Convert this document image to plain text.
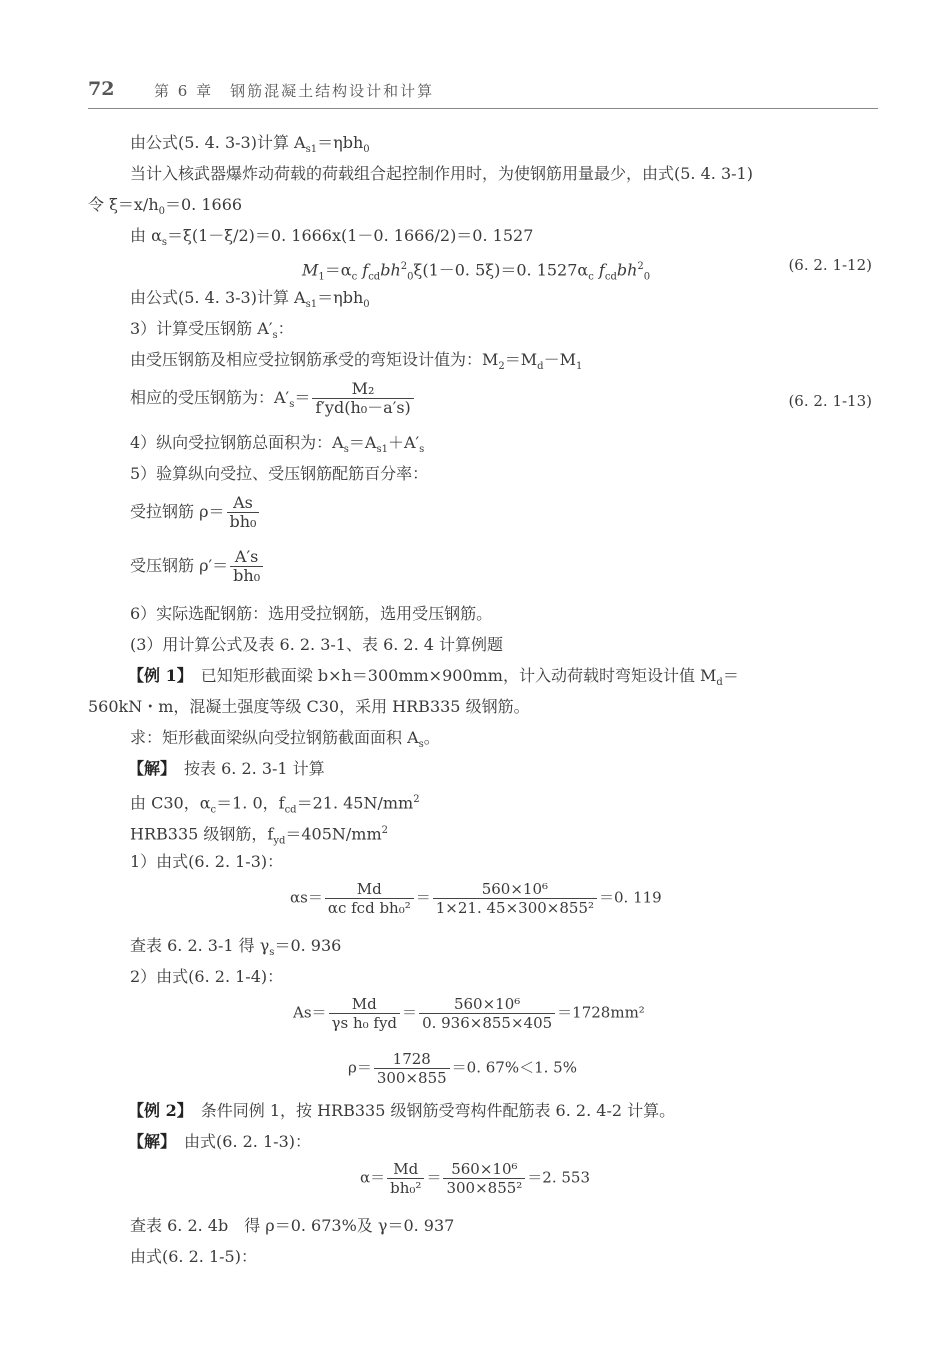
72	第 6 章　钢筋混凝土结构设计和计算
由公式(5. 4. 3-3)计算 $A_{s1}=\eta bh_0$
当计入核武器爆炸动荷载的荷载组合起控制作用时，为使钢筋用量最少，由式(5. 4. 3-1)
令 $\xi=x/h_0=0$. 1666
由 $\alpha_s=\xi(1-\xi/2)=0$. 1666x(1－0. 1666/2)＝0. 1527
$M_1=\alpha_c$ $f_{cd}bh^2_0\xi(1-0$. 5ξ)＝0. $1527\alpha_c$ $f_{cd}bh^2_0$
(6. 2. 1-12)
由公式(5. 4. 3-3)计算 $A_{s1}=\eta bh_0$
3）计算受压钢筋 $A'_s$：
由受压钢筋及相应受拉钢筋承受的弯矩设计值为：$M_2=M_d-M_1$
相应的受压钢筋为：$A'_s= \frac{\text{M₂}}{\text{f′yd(h₀－a′s)}}$	(6. 2. 1-13)
4）纵向受拉钢筋总面积为：$A_s=A_{s1}+A'_s$
5）验算纵向受拉、受压钢筋配筋百分率：
受拉钢筋 $\rho= \frac{As}{\text{bh₀}}$
受压钢筋 $\rho'= \frac{A's}{\text{bh₀}}$
6）实际选配钢筋：选用受拉钢筋，选用受压钢筋。
(3）用计算公式及表 6. 2. 3-1、表 6. 2. 4 计算例题
【例 1】　 已知矩形截面梁 b×h＝300mm×900mm，计入动荷载时弯矩设计值 $M_d=$
560kN・m，混凝土强度等级 C30，采用 HRB335 级钢筋。
求：矩形截面梁纵向受拉钢筋截面面积 $A_s$。
【解】　 按表 6. 2. 3-1 计算
由 C30，$\alpha_c=1$. 0，$f_{cd}=21$. $45N/mm^2$
HRB335 级钢筋，$f_{yd}=405N/mm^2$
1）由式(6. 2. 1-3)：
$\alpha s= \frac{Md}{\text{αc fcd bh₀²}} = \frac{\text{560×10⁶}}{\text{1×21. 45×300×855²}} =0$. 119
查表 6. 2. 3-1 得 $\gamma_s=0$. 936
2）由式(6. 2. 1-4)：
$As= \frac{Md}{\text{γs h₀ fyd}} = \frac{\text{560×10⁶}}{0. 936\times 855\times 405} =1728mm^2$
$\rho= \frac{1728}{300\times 855} =0$. 67%＜1. 5%
【例 2】　 条件同例 1，按 HRB335 级钢筋受弯构件配筋表 6. 2. 4-2 计算。
【解】　 由式(6. 2. 1-3)：
$\alpha= \frac{Md}{\text{bh₀²}} = \frac{\text{560×10⁶}}{\text{300×855²}} =2$. 553
查表 6. 2. 4b　得 ρ＝0. 673%及 γ＝0. 937
由式(6. 2. 1-5)：
